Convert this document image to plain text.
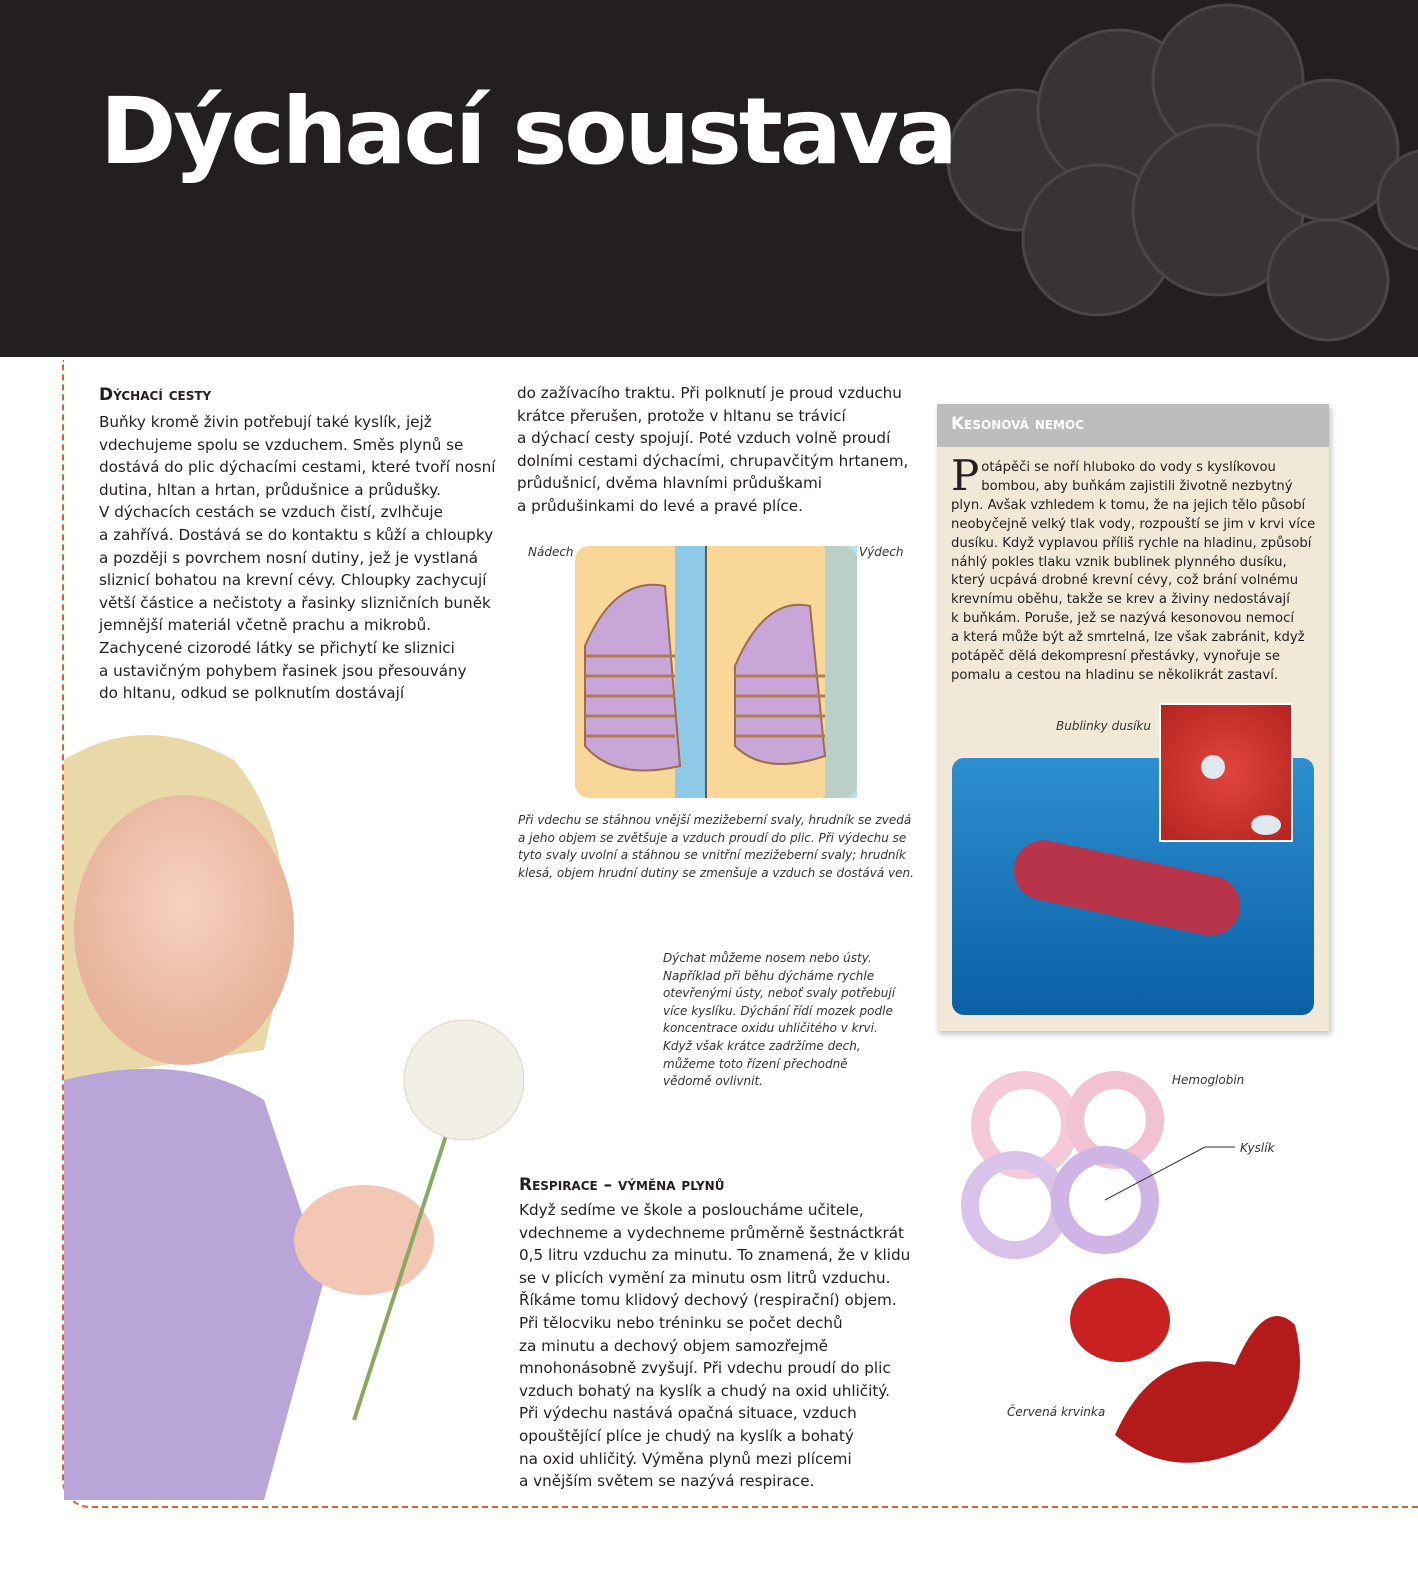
Dýchací soustava
Dýchací cesty
Buňky kromě živin potřebují také kyslík, jejž
vdechujeme spolu se vzduchem. Směs plynů se
dostává do plic dýchacími cestami, které tvoří nosní
dutina, hltan a hrtan, průdušnice a průdušky.
V dýchacích cestách se vzduch čistí, zvlhčuje
a zahřívá. Dostává se do kontaktu s kůží a chloupky
a později s povrchem nosní dutiny, jež je vystlaná
sliznicí bohatou na krevní cévy. Chloupky zachycují
větší částice a nečistoty a řasinky slizničních buněk
jemnější materiál včetně prachu a mikrobů.
Zachycené cizorodé látky se přichytí ke sliznici
a ustavičným pohybem řasinek jsou přesouvány
do hltanu, odkud se polknutím dostávají
do zažívacího traktu. Při polknutí je proud vzduchu
krátce přerušen, protože v hltanu se trávicí
a dýchací cesty spojují. Poté vzduch volně proudí
dolními cestami dýchacími, chrupavčitým hrtanem,
průdušnicí, dvěma hlavními průduškami
a průdušinkami do levé a pravé plíce.
Nádech	Výdech
Při vdechu se stáhnou vnější mezižeberní svaly, hrudník se zvedá
a jeho objem se zvětšuje a vzduch proudí do plic. Při výdechu se
tyto svaly uvolní a stáhnou se vnitřní mezižeberní svaly; hrudník
klesá, objem hrudní dutiny se zmenšuje a vzduch se dostává ven.
Dýchat můžeme nosem nebo ústy.
Například při běhu dýcháme rychle
otevřenými ústy, neboť svaly potřebují
více kyslíku. Dýchání řídí mozek podle
koncentrace oxidu uhličitého v krvi.
Když však krátce zadržíme dech,
můžeme toto řízení přechodně
vědomě ovlivnit.
Respirace – výměna plynů
Když sedíme ve škole a posloucháme učitele,
vdechneme a vydechneme průměrně šestnáctkrát
0,5 litru vzduchu za minutu. To znamená, že v klidu
se v plicích vymění za minutu osm litrů vzduchu.
Říkáme tomu klidový dechový (respirační) objem.
Při tělocviku nebo tréninku se počet dechů
za minutu a dechový objem samozřejmě
mnohonásobně zvyšují. Při vdechu proudí do plic
vzduch bohatý na kyslík a chudý na oxid uhličitý.
Při výdechu nastává opačná situace, vzduch
opouštějící plíce je chudý na kyslík a bohatý
na oxid uhličitý. Výměna plynů mezi plícemi
a vnějším světem se nazývá respirace.
Kesonová nemoc
Potápěči se noří hluboko do vody s kyslíkovou
bombou, aby buňkám zajistili životně nezbytný
plyn. Avšak vzhledem k tomu, že na jejich tělo působí
neobyčejně velký tlak vody, rozpouští se jim v krvi více
dusíku. Když vyplavou příliš rychle na hladinu, způsobí
náhlý pokles tlaku vznik bublinek plynného dusíku,
který ucpává drobné krevní cévy, což brání volnému
krevnímu oběhu, takže se krev a živiny nedostávají
k buňkám. Poruše, jež se nazývá kesonovou nemocí
a která může být až smrtelná, lze však zabránit, když
potápěč dělá dekompresní přestávky, vynořuje se
pomalu a cestou na hladinu se několikrát zastaví.
Bublinky dusíku
Hemoglobin
Kyslík
Červená krvinka
